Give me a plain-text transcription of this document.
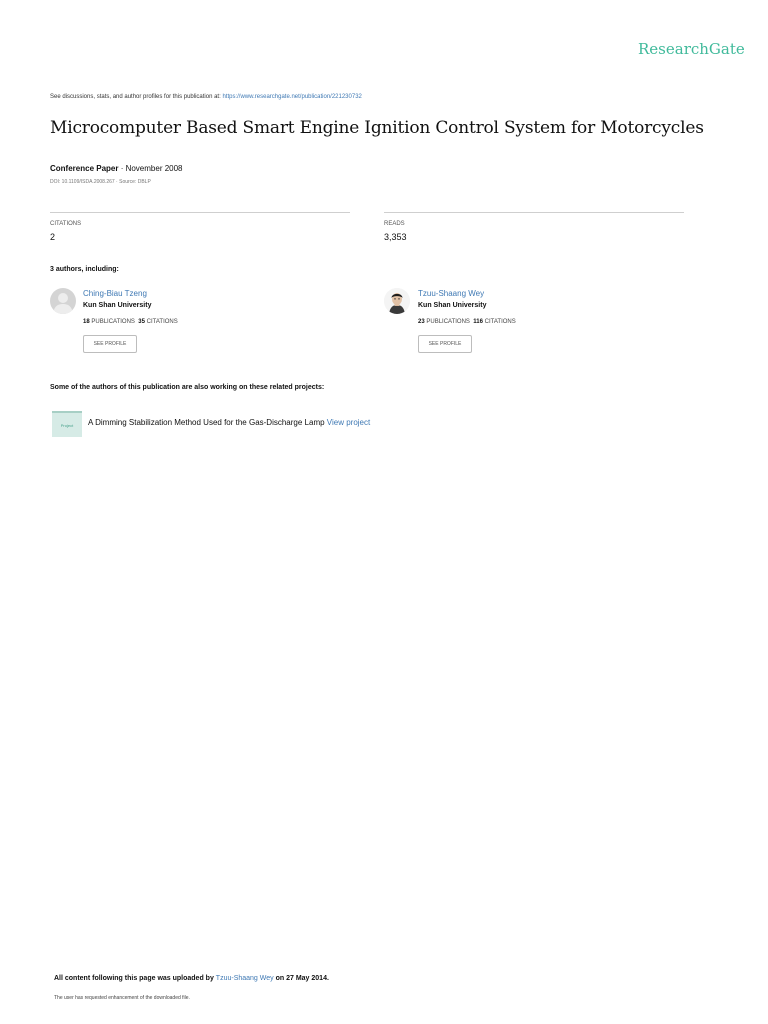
ResearchGate
See discussions, stats, and author profiles for this publication at: https://www.researchgate.net/publication/221230732
Microcomputer Based Smart Engine Ignition Control System for Motorcycles
Conference Paper · November 2008
DOI: 10.1109/ISDA.2008.267 · Source: DBLP
CITATIONS
2
READS
3,353
3 authors, including:
Ching-Biau Tzeng
Kun Shan University
18 PUBLICATIONS 35 CITATIONS
SEE PROFILE
Tzuu-Shaang Wey
Kun Shan University
23 PUBLICATIONS 116 CITATIONS
SEE PROFILE
Some of the authors of this publication are also working on these related projects:
Project A Dimming Stabilization Method Used for the Gas-Discharge Lamp View project
All content following this page was uploaded by Tzuu-Shaang Wey on 27 May 2014.
The user has requested enhancement of the downloaded file.
